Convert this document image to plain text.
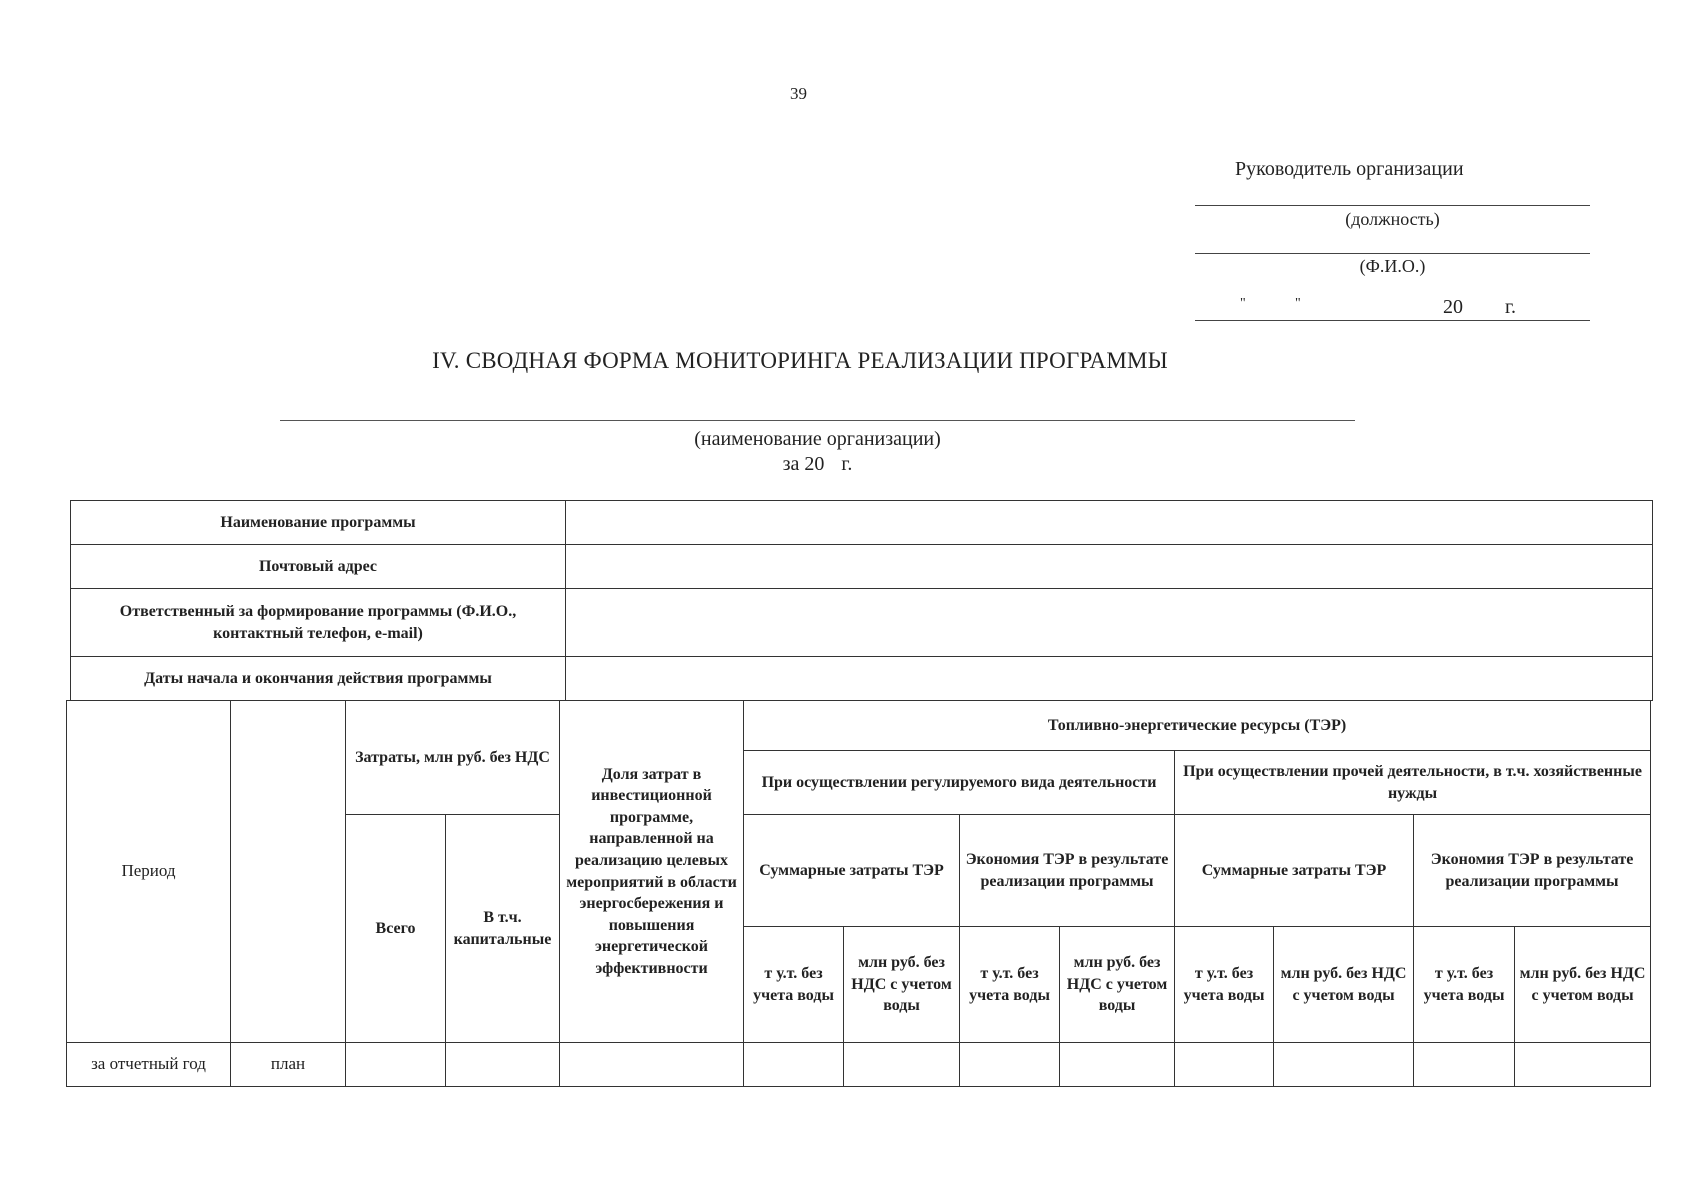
39
Руководитель организации
(должность)
(Ф.И.О.)
"	"	20 г.
IV. СВОДНАЯ ФОРМА МОНИТОРИНГА РЕАЛИЗАЦИИ ПРОГРАММЫ
(наименование организации)
за 20 г.
Наименование программы	
Почтовый адрес	
Ответственный за формирование программы (Ф.И.О., контактный телефон, e-mail)	
Даты начала и окончания действия программы	
Период		Затраты, млн руб. без НДС		Доля затрат в инвестиционной программе, направленной на реализацию целевых мероприятий в области энергосбережения и повышения энергетической эффективности	Топливно-энергетические ресурсы (ТЭР)							
					При осуществлении регулируемого вида деятельности				При осуществлении прочей деятельности, в т.ч. хозяйственные нужды			
		Всего	В т.ч. капитальные		Суммарные затраты ТЭР		Экономия ТЭР в результате реализации программы		Суммарные затраты ТЭР		Экономия ТЭР в результате реализации программы	
					т у.т. без учета воды	млн руб. без НДС с учетом воды	т у.т. без учета воды	млн руб. без НДС с учетом воды	т у.т. без учета воды	млн руб. без НДС с учетом воды	т у.т. без учета воды	млн руб. без НДС с учетом воды
за отчетный год	план											
